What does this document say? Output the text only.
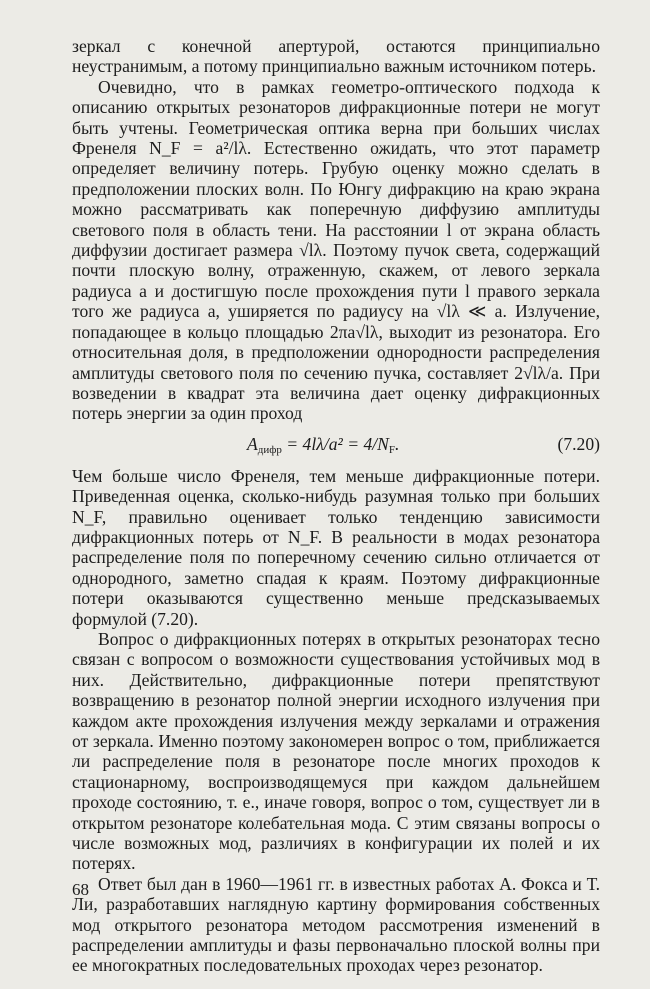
зеркал с конечной апертурой, остаются принципиально неустранимым, а потому принципиально важным источником потерь.

Очевидно, что в рамках геометро-оптического подхода к описанию открытых резонаторов дифракционные потери не могут быть учтены. Геометрическая оптика верна при больших числах Френеля N_F = a²/lλ. Естественно ожидать, что этот параметр определяет величину потерь. Грубую оценку можно сделать в предположении плоских волн. По Юнгу дифракцию на краю экрана можно рассматривать как поперечную диффузию амплитуды светового поля в область тени. На расстоянии l от экрана область диффузии достигает размера √lλ. Поэтому пучок света, содержащий почти плоскую волну, отраженную, скажем, от левого зеркала радиуса a и достигшую после прохождения пути l правого зеркала того же радиуса a, уширяется по радиусу на √lλ ≪ a. Излучение, попадающее в кольцо площадью 2πa√lλ, выходит из резонатора. Его относительная доля, в предположении однородности распределения амплитуды светового поля по сечению пучка, составляет 2√lλ/a. При возведении в квадрат эта величина дает оценку дифракционных потерь энергии за один проход

$A_{дифр} = 4l\lambda/a^2 = 4/N_F$.	(7.20)

Чем больше число Френеля, тем меньше дифракционные потери. Приведенная оценка, сколько-нибудь разумная только при больших N_F, правильно оценивает только тенденцию зависимости дифракционных потерь от N_F. В реальности в модах резонатора распределение поля по поперечному сечению сильно отличается от однородного, заметно спадая к краям. Поэтому дифракционные потери оказываются существенно меньше предсказываемых формулой (7.20).

Вопрос о дифракционных потерях в открытых резонаторах тесно связан с вопросом о возможности существования устойчивых мод в них. Действительно, дифракционные потери препятствуют возвращению в резонатор полной энергии исходного излучения при каждом акте прохождения излучения между зеркалами и отражения от зеркала. Именно поэтому закономерен вопрос о том, приближается ли распределение поля в резонаторе после многих проходов к стационарному, воспроизводящемуся при каждом дальнейшем проходе состоянию, т. е., иначе говоря, вопрос о том, существует ли в открытом резонаторе колебательная мода. С этим связаны вопросы о числе возможных мод, различиях в конфигурации их полей и их потерях.

Ответ был дан в 1960—1961 гг. в известных работах А. Фокса и Т. Ли, разработавших наглядную картину формирования собственных мод открытого резонатора методом рассмотрения изменений в распределении амплитуды и фазы первоначально плоской волны при ее многократных последовательных проходах через резонатор.

68
